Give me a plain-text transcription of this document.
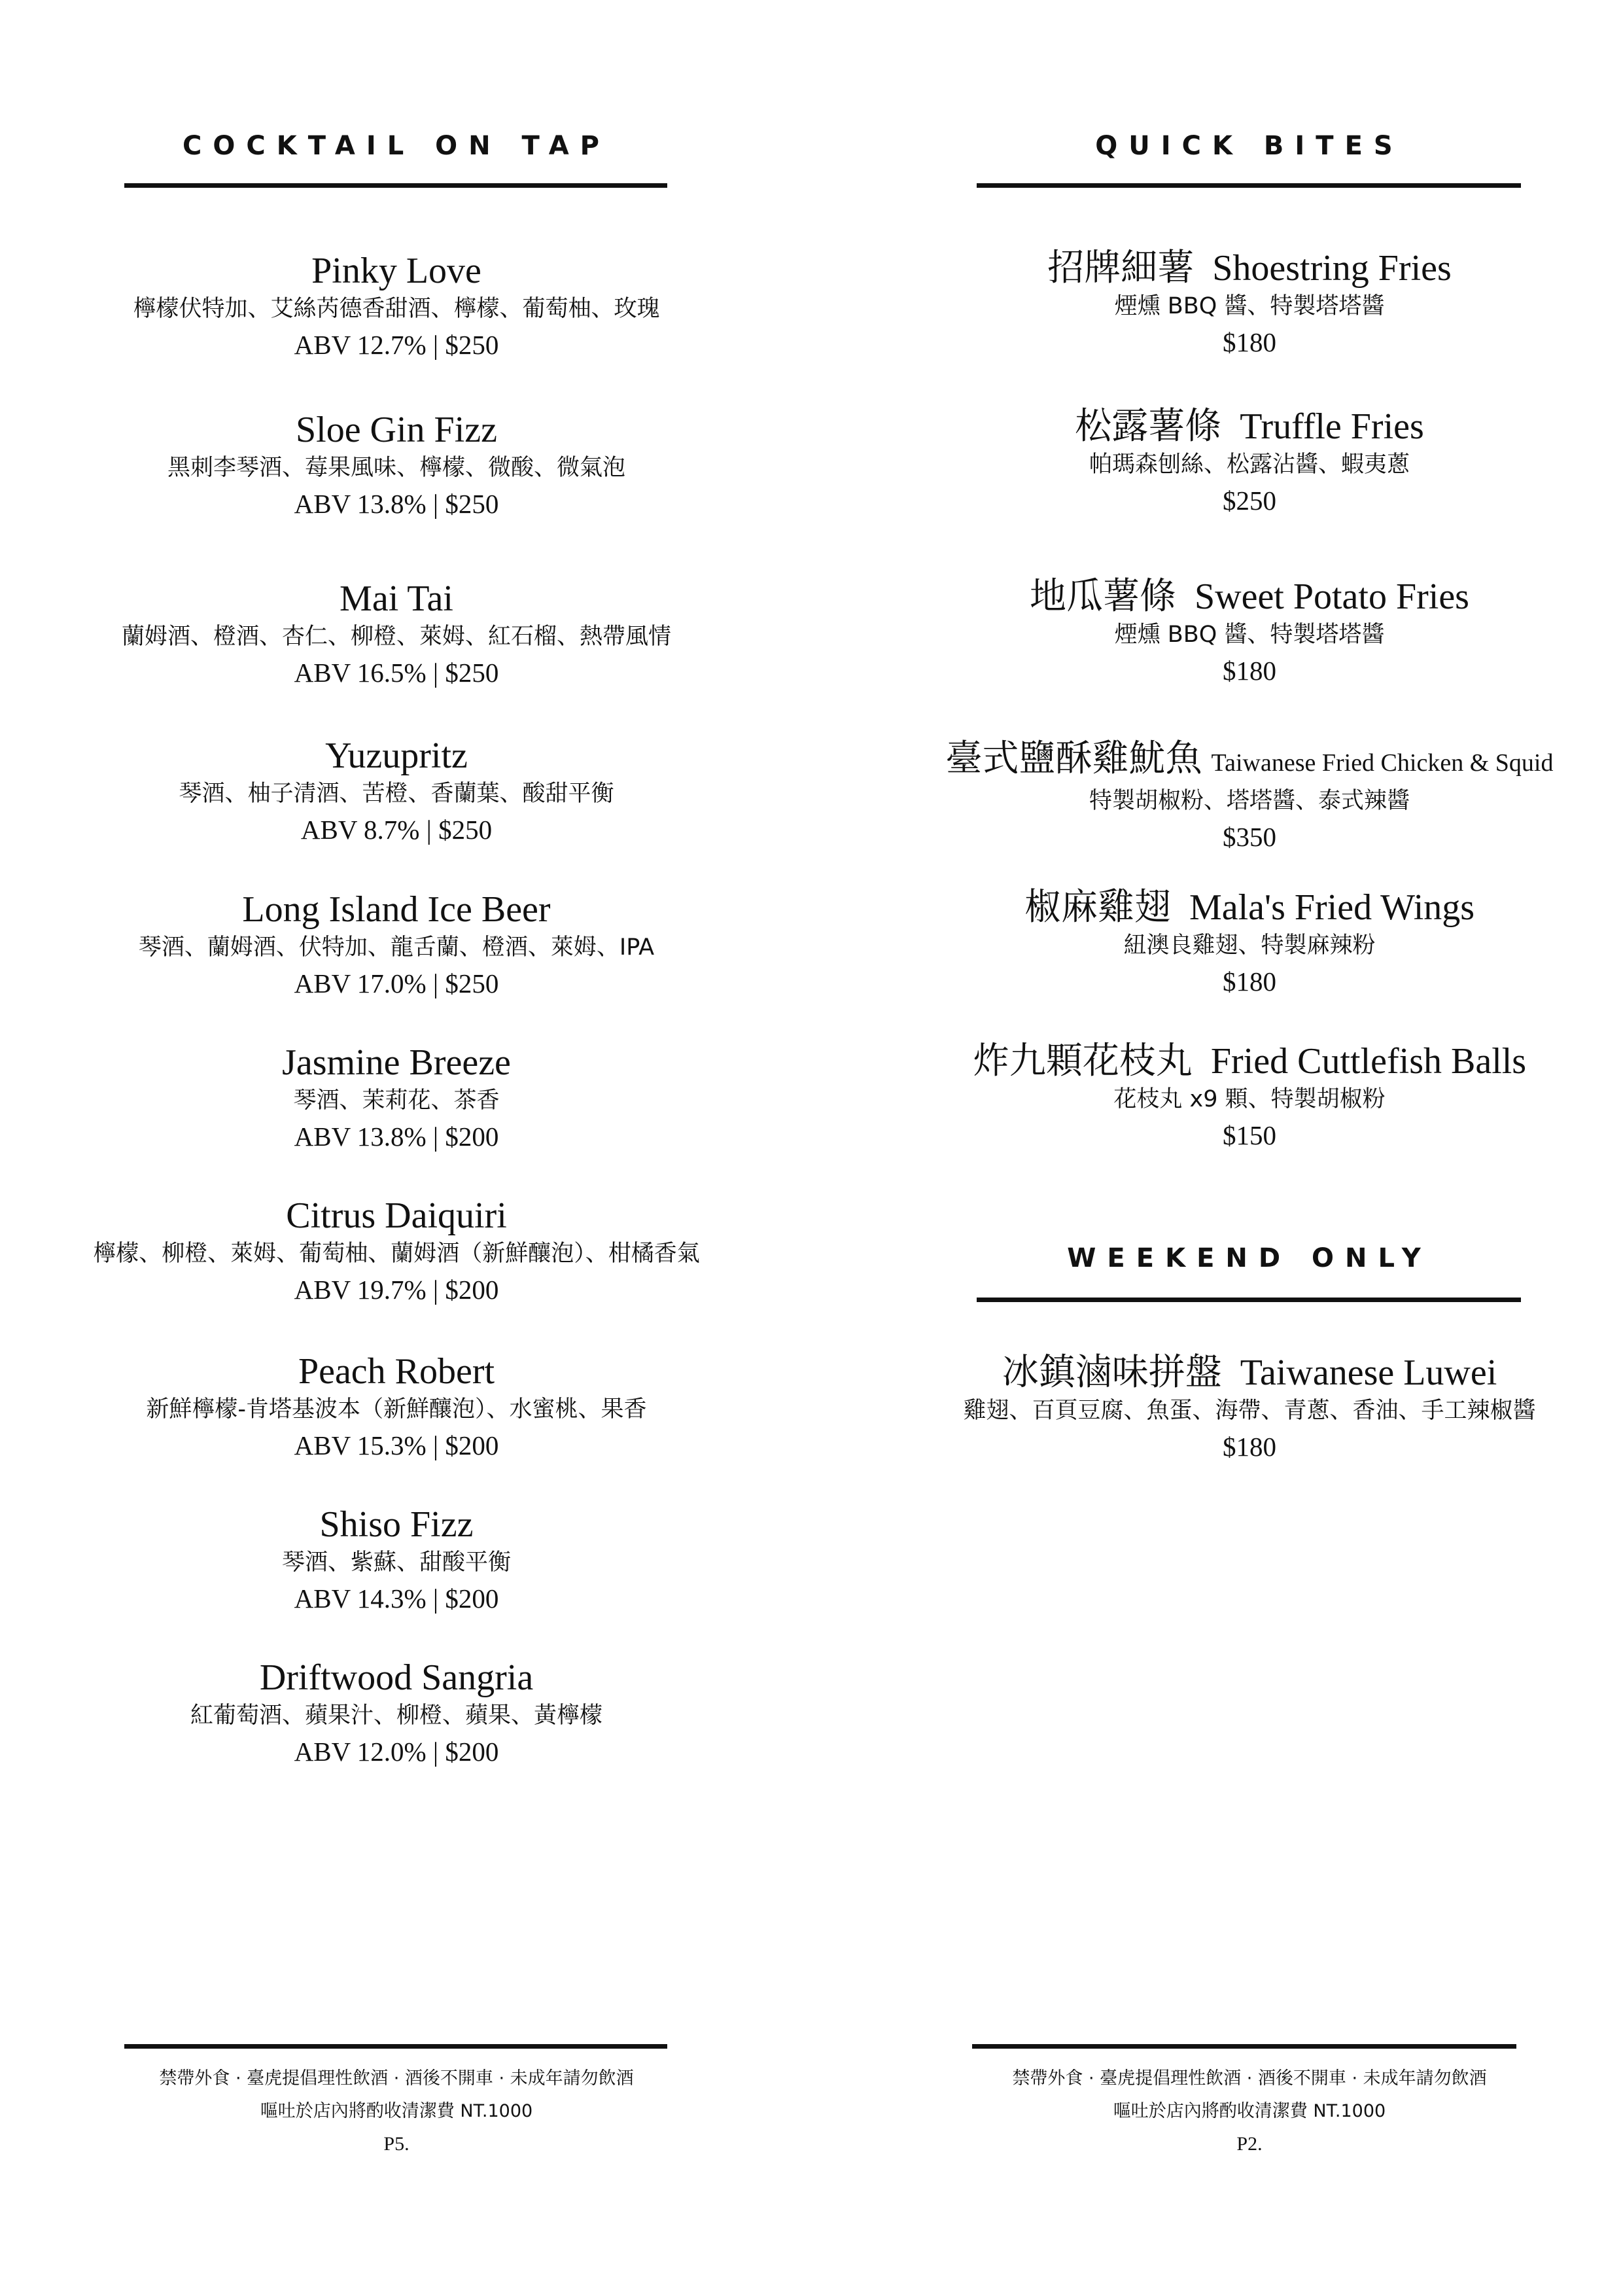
COCKTAIL ON TAP
Pinky Love
檸檬伏特加、艾絲芮德香甜酒、檸檬、葡萄柚、玫瑰
ABV 12.7% | $250
Sloe Gin Fizz
黑刺李琴酒、莓果風味、檸檬、微酸、微氣泡
ABV 13.8% | $250
Mai Tai
蘭姆酒、橙酒、杏仁、柳橙、萊姆、紅石榴、熱帶風情
ABV 16.5% | $250
Yuzupritz
琴酒、柚子清酒、苦橙、香蘭葉、酸甜平衡
ABV 8.7% | $250
Long Island Ice Beer
琴酒、蘭姆酒、伏特加、龍舌蘭、橙酒、萊姆、IPA
ABV 17.0% | $250
Jasmine Breeze
琴酒、茉莉花、茶香
ABV 13.8% | $200
Citrus Daiquiri
檸檬、柳橙、萊姆、葡萄柚、蘭姆酒（新鮮釀泡）、柑橘香氣
ABV 19.7% | $200
Peach Robert
新鮮檸檬-肯塔基波本（新鮮釀泡）、水蜜桃、果香
ABV 15.3% | $200
Shiso Fizz
琴酒、紫蘇、甜酸平衡
ABV 14.3% | $200
Driftwood Sangria
紅葡萄酒、蘋果汁、柳橙、蘋果、黃檸檬
ABV 12.0% | $200
禁帶外食 · 臺虎提倡理性飲酒 · 酒後不開車 · 未成年請勿飲酒
嘔吐於店內將酌收清潔費 NT.1000
P5.
QUICK BITES
招牌細薯 Shoestring Fries
煙燻 BBQ 醬、特製塔塔醬
$180
松露薯條 Truffle Fries
帕瑪森刨絲、松露沾醬、蝦夷蔥
$250
地瓜薯條 Sweet Potato Fries
煙燻 BBQ 醬、特製塔塔醬
$180
臺式鹽酥雞魷魚 Taiwanese Fried Chicken & Squid
特製胡椒粉、塔塔醬、泰式辣醬
$350
椒麻雞翅 Mala's Fried Wings
紐澳良雞翅、特製麻辣粉
$180
炸九顆花枝丸 Fried Cuttlefish Balls
花枝丸 x9 顆、特製胡椒粉
$150
WEEKEND ONLY
冰鎮滷味拼盤 Taiwanese Luwei
雞翅、百頁豆腐、魚蛋、海帶、青蔥、香油、手工辣椒醬
$180
禁帶外食 · 臺虎提倡理性飲酒 · 酒後不開車 · 未成年請勿飲酒
嘔吐於店內將酌收清潔費 NT.1000
P2.
